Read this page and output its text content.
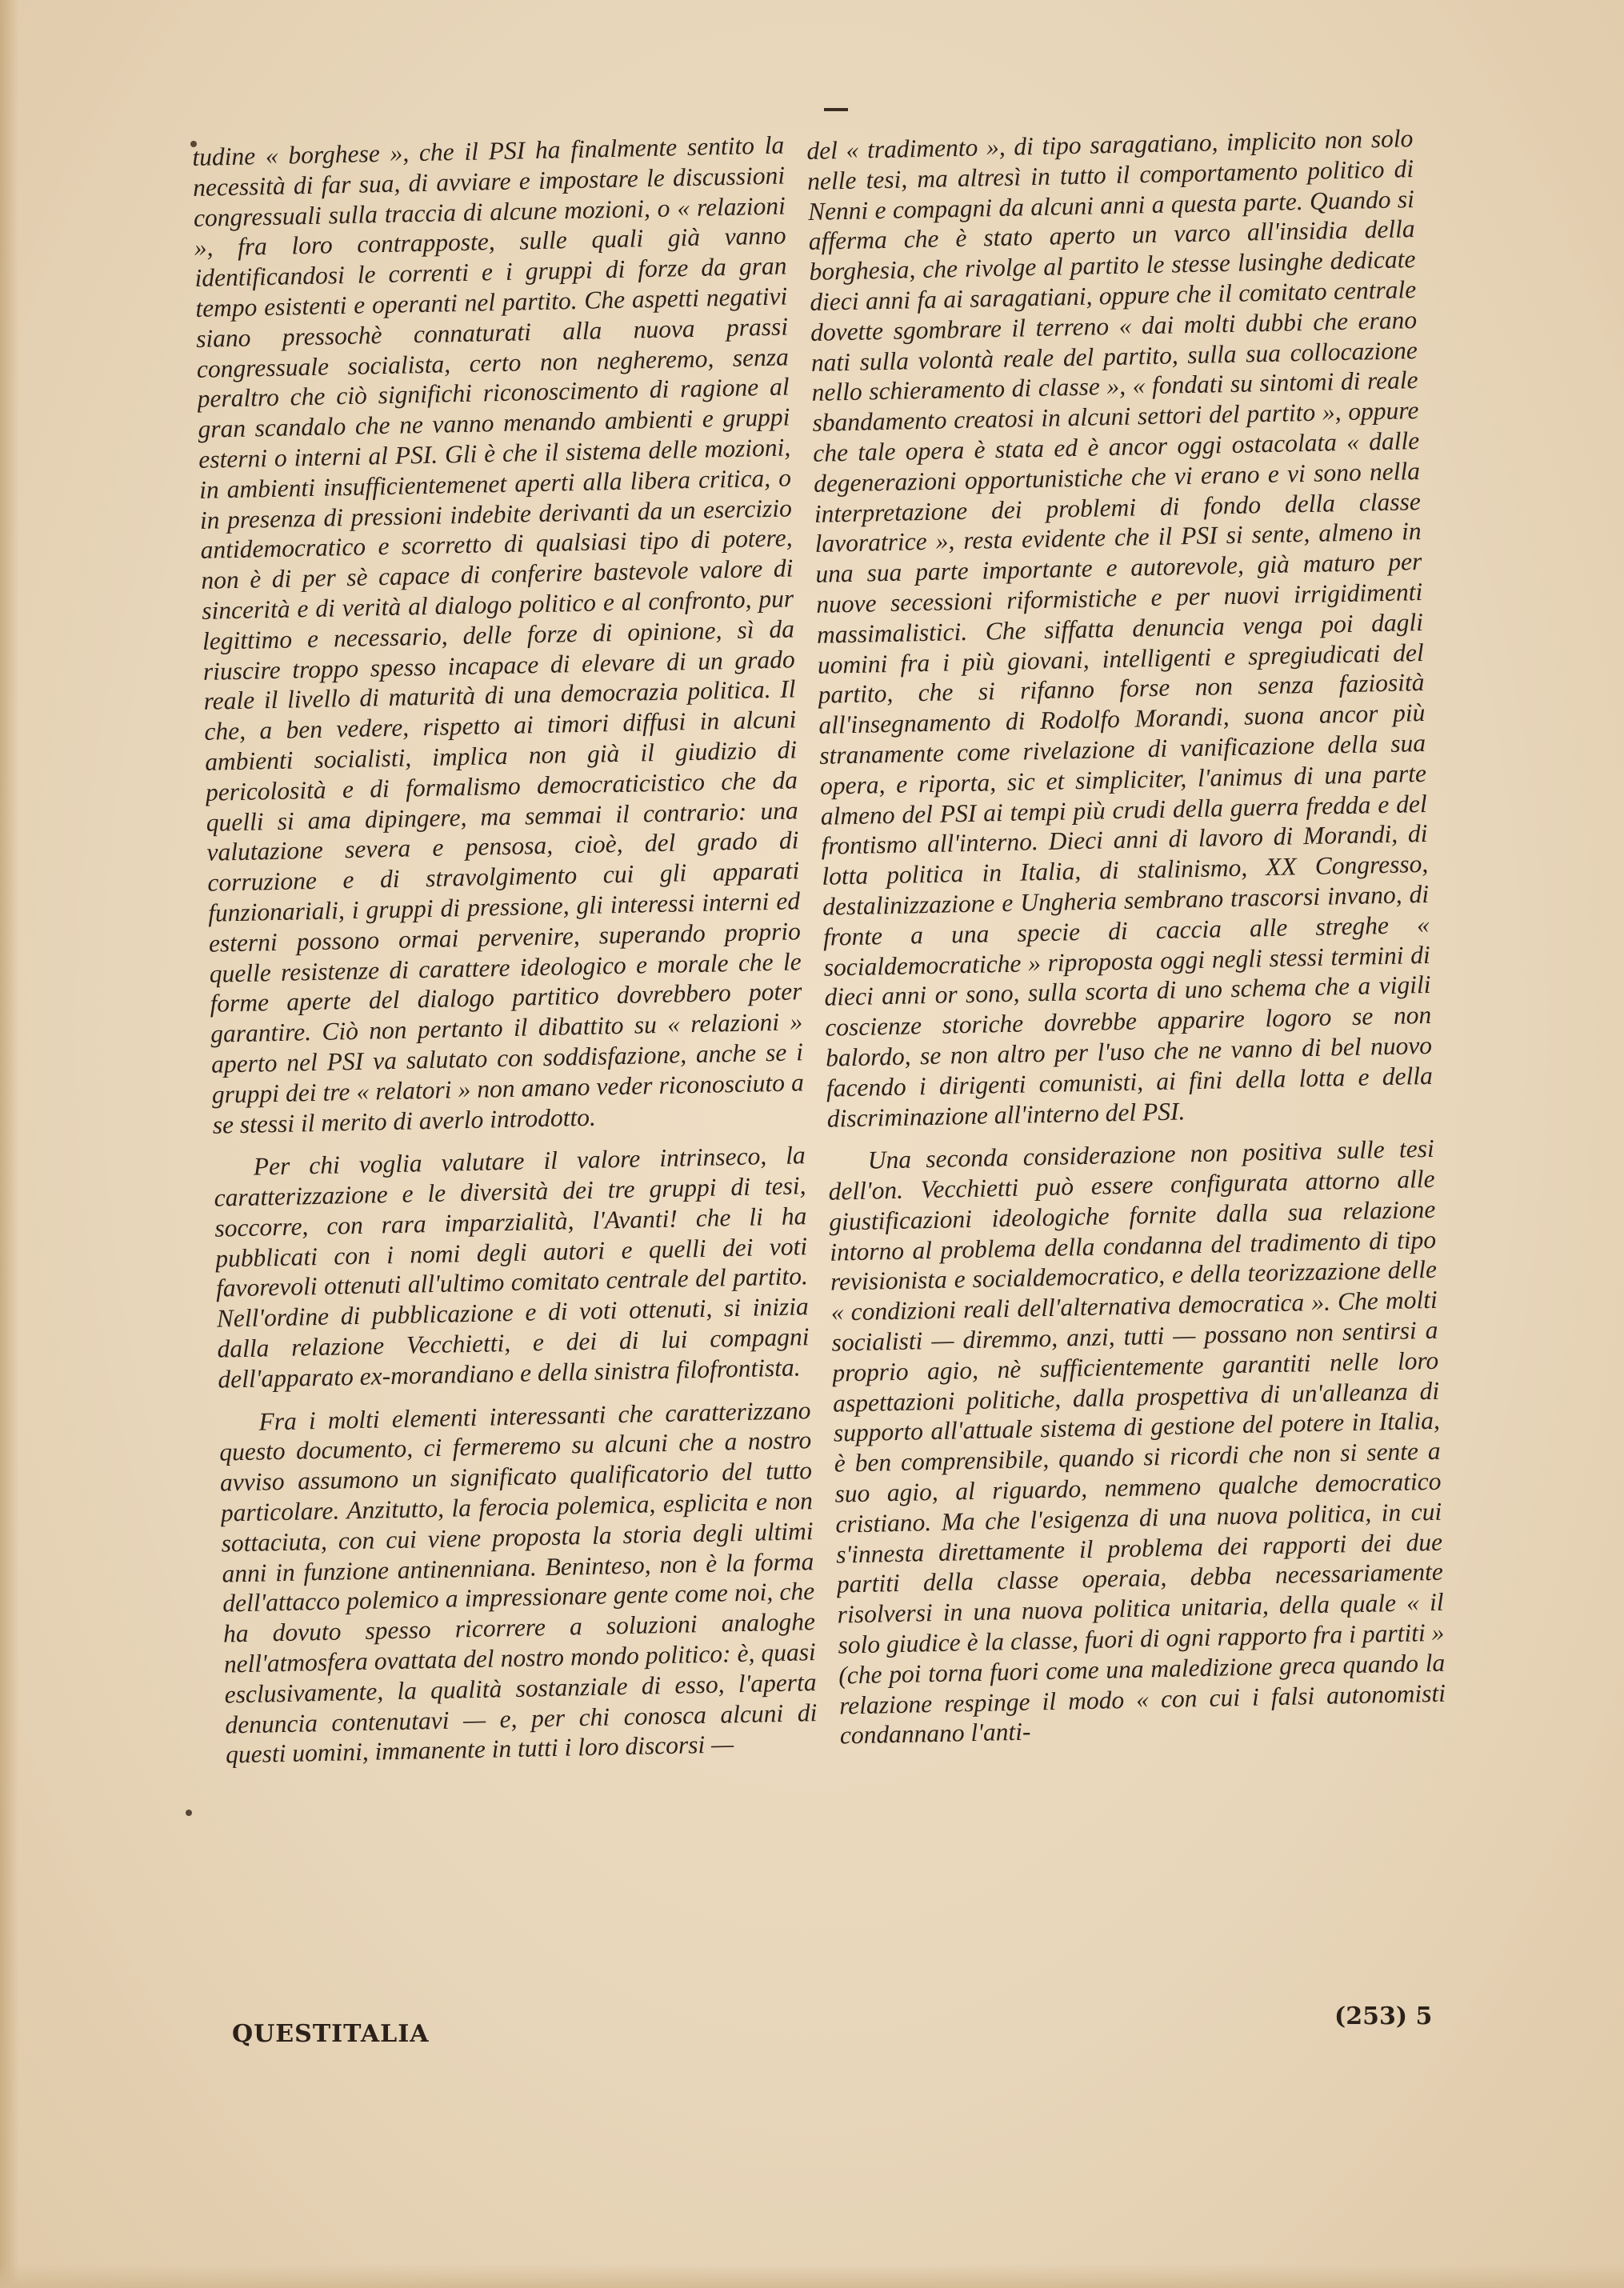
tudine « borghese », che il PSI ha finalmente sentito la necessità di far sua, di avviare e impostare le discussioni congressuali sulla traccia di alcune mozioni, o « relazioni », fra loro contrapposte, sulle quali già vanno identificandosi le correnti e i gruppi di forze da gran tempo esistenti e operanti nel partito. Che aspetti negativi siano pressochè connaturati alla nuova prassi congressuale socialista, certo non negheremo, senza peraltro che ciò significhi riconoscimento di ragione al gran scandalo che ne vanno menando ambienti e gruppi esterni o interni al PSI. Gli è che il sistema delle mozioni, in ambienti insufficientemenet aperti alla libera critica, o in presenza di pressioni indebite derivanti da un esercizio antidemocratico e scorretto di qualsiasi tipo di potere, non è di per sè capace di conferire bastevole valore di sincerità e di verità al dialogo politico e al confronto, pur legittimo e necessario, delle forze di opinione, sì da riuscire troppo spesso incapace di elevare di un grado reale il livello di maturità di una democrazia politica. Il che, a ben vedere, rispetto ai timori diffusi in alcuni ambienti socialisti, implica non già il giudizio di pericolosità e di formalismo democraticistico che da quelli si ama dipingere, ma semmai il contrario: una valutazione severa e pensosa, cioè, del grado di corruzione e di stravolgimento cui gli apparati funzionariali, i gruppi di pressione, gli interessi interni ed esterni possono ormai pervenire, superando proprio quelle resistenze di carattere ideologico e morale che le forme aperte del dialogo partitico dovrebbero poter garantire. Ciò non pertanto il dibattito su « relazioni » aperto nel PSI va salutato con soddisfazione, anche se i gruppi dei tre « relatori » non amano veder riconosciuto a se stessi il merito di averlo introdotto.

Per chi voglia valutare il valore intrinseco, la caratterizzazione e le diversità dei tre gruppi di tesi, soccorre, con rara imparzialità, l'Avanti! che li ha pubblicati con i nomi degli autori e quelli dei voti favorevoli ottenuti all'ultimo comitato centrale del partito. Nell'ordine di pubblicazione e di voti ottenuti, si inizia dalla relazione Vecchietti, e dei di lui compagni dell'apparato ex-morandiano e della sinistra filofrontista.

Fra i molti elementi interessanti che caratterizzano questo documento, ci fermeremo su alcuni che a nostro avviso assumono un significato qualificatorio del tutto particolare. Anzitutto, la ferocia polemica, esplicita e non sottaciuta, con cui viene proposta la storia degli ultimi anni in funzione antinenniana. Beninteso, non è la forma dell'attacco polemico a impressionare gente come noi, che ha dovuto spesso ricorrere a soluzioni analoghe nell'atmosfera ovattata del nostro mondo politico: è, quasi esclusivamente, la qualità sostanziale di esso, l'aperta denuncia contenutavi — e, per chi conosca alcuni di questi uomini, immanente in tutti i loro discorsi —

del « tradimento », di tipo saragatiano, implicito non solo nelle tesi, ma altresì in tutto il comportamento politico di Nenni e compagni da alcuni anni a questa parte. Quando si afferma che è stato aperto un varco all'insidia della borghesia, che rivolge al partito le stesse lusinghe dedicate dieci anni fa ai saragatiani, oppure che il comitato centrale dovette sgombrare il terreno « dai molti dubbi che erano nati sulla volontà reale del partito, sulla sua collocazione nello schieramento di classe », « fondati su sintomi di reale sbandamento creatosi in alcuni settori del partito », oppure che tale opera è stata ed è ancor oggi ostacolata « dalle degenerazioni opportunistiche che vi erano e vi sono nella interpretazione dei problemi di fondo della classe lavoratrice », resta evidente che il PSI si sente, almeno in una sua parte importante e autorevole, già maturo per nuove secessioni riformistiche e per nuovi irrigidimenti massimalistici. Che siffatta denuncia venga poi dagli uomini fra i più giovani, intelligenti e spregiudicati del partito, che si rifanno forse non senza faziosità all'insegnamento di Rodolfo Morandi, suona ancor più stranamente come rivelazione di vanificazione della sua opera, e riporta, sic et simpliciter, l'animus di una parte almeno del PSI ai tempi più crudi della guerra fredda e del frontismo all'interno. Dieci anni di lavoro di Morandi, di lotta politica in Italia, di stalinismo, XX Congresso, destalinizzazione e Ungheria sembrano trascorsi invano, di fronte a una specie di caccia alle streghe « socialdemocratiche » riproposta oggi negli stessi termini di dieci anni or sono, sulla scorta di uno schema che a vigili coscienze storiche dovrebbe apparire logoro se non balordo, se non altro per l'uso che ne vanno di bel nuovo facendo i dirigenti comunisti, ai fini della lotta e della discriminazione all'interno del PSI.

Una seconda considerazione non positiva sulle tesi dell'on. Vecchietti può essere configurata attorno alle giustificazioni ideologiche fornite dalla sua relazione intorno al problema della condanna del tradimento di tipo revisionista e socialdemocratico, e della teorizzazione delle « condizioni reali dell'alternativa democratica ». Che molti socialisti — diremmo, anzi, tutti — possano non sentirsi a proprio agio, nè sufficientemente garantiti nelle loro aspettazioni politiche, dalla prospettiva di un'alleanza di supporto all'attuale sistema di gestione del potere in Italia, è ben comprensibile, quando si ricordi che non si sente a suo agio, al riguardo, nemmeno qualche democratico cristiano. Ma che l'esigenza di una nuova politica, in cui s'innesta direttamente il problema dei rapporti dei due partiti della classe operaia, debba necessariamente risolversi in una nuova politica unitaria, della quale « il solo giudice è la classe, fuori di ogni rapporto fra i partiti » (che poi torna fuori come una maledizione greca quando la relazione respinge il modo « con cui i falsi autonomisti condannano l'anti-

QUESTITALIA
(253) 5
